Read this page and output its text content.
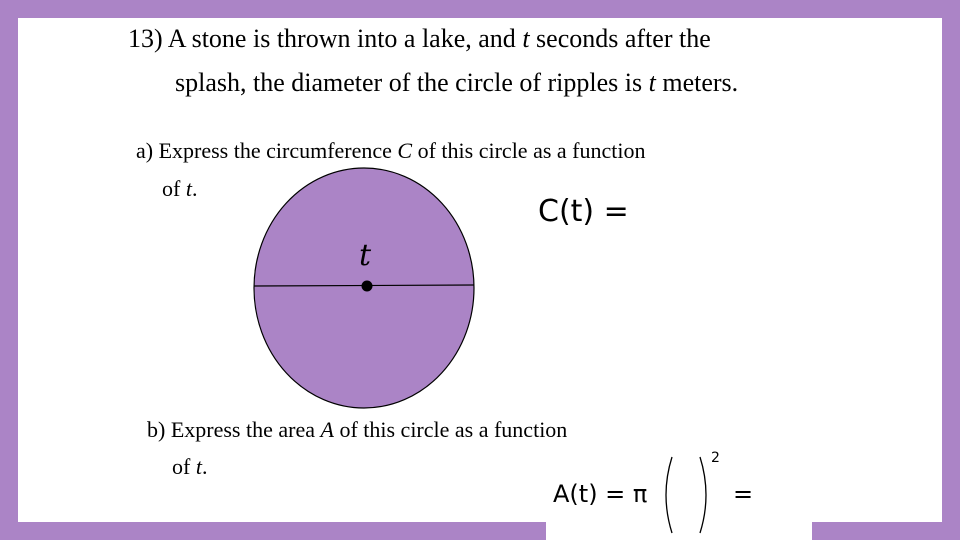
13) A stone is thrown into a lake, and t seconds after the
splash, the diameter of the circle of ripples is t meters.
a) Express the circumference C of this circle as a function
of t.
C(t) =
t
b) Express the area A of this circle as a function
of t.
A(t) = π
2
=
